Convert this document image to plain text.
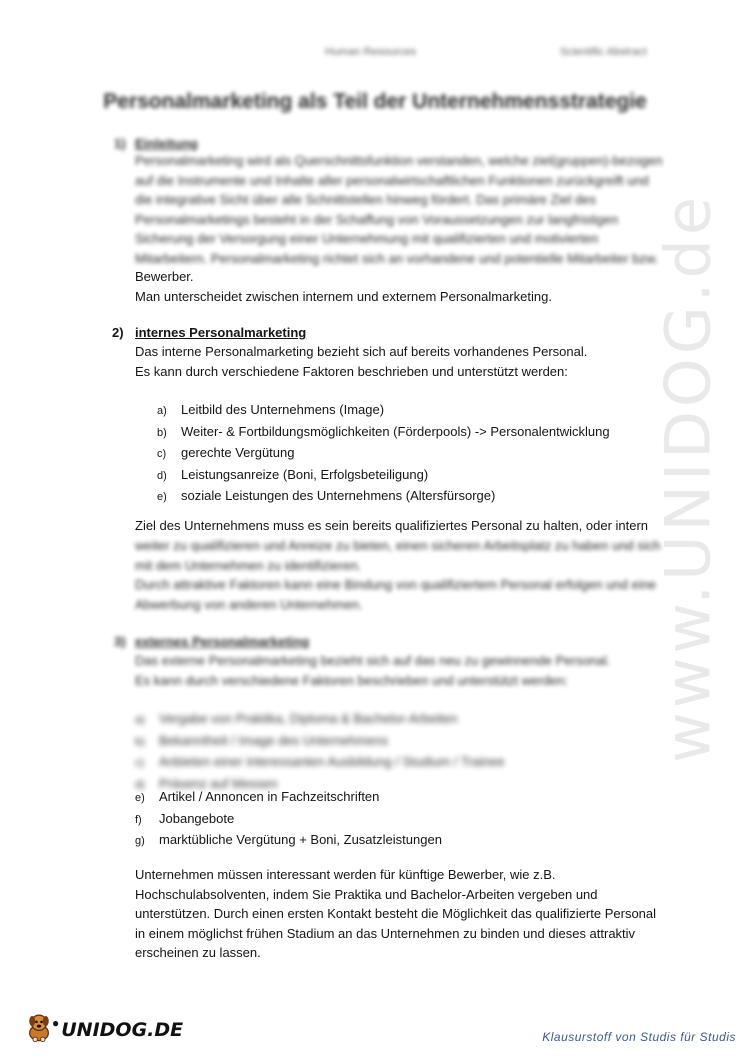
www.UNIDOG.de
Human Resources	Scientific Abstract
Personalmarketing als Teil der Unternehmensstrategie
1) Einleitung
Personalmarketing wird als Querschnittsfunktion verstanden, welche ziel(gruppen)-bezogen
auf die Instrumente und Inhalte aller personalwirtschaftlichen Funktionen zurückgreift und
die integrative Sicht über alle Schnittstellen hinweg fördert. Das primäre Ziel des
Personalmarketings besteht in der Schaffung von Voraussetzungen zur langfristigen
Sicherung der Versorgung einer Unternehmung mit qualifizierten und motivierten
Mitarbeitern. Personalmarketing richtet sich an vorhandene und potentielle Mitarbeiter bzw.
Bewerber.
Man unterscheidet zwischen internem und externem Personalmarketing.
2) internes Personalmarketing
Das interne Personalmarketing bezieht sich auf bereits vorhandenes Personal.
Es kann durch verschiedene Faktoren beschrieben und unterstützt werden:
a) Leitbild des Unternehmens (Image)
b) Weiter- & Fortbildungsmöglichkeiten (Förderpools) -> Personalentwicklung
c) gerechte Vergütung
d) Leistungsanreize (Boni, Erfolgsbeteiligung)
e) soziale Leistungen des Unternehmens (Altersfürsorge)
Ziel des Unternehmens muss es sein bereits qualifiziertes Personal zu halten, oder intern
weiter zu qualifizieren und Anreize zu bieten, einen sicheren Arbeitsplatz zu haben und sich
mit dem Unternehmen zu identifizieren.
Durch attraktive Faktoren kann eine Bindung von qualifiziertem Personal erfolgen und eine
Abwerbung von anderen Unternehmen.
3) externes Personalmarketing
Das externe Personalmarketing bezieht sich auf das neu zu gewinnende Personal.
Es kann durch verschiedene Faktoren beschrieben und unterstützt werden:
a) Vergabe von Praktika, Diploma & Bachelor-Arbeiten
b) Bekanntheit / Image des Unternehmens
c) Anbieten einer interessanten Ausbildung / Studium / Trainee
d) Präsenz auf Messen
e) Artikel / Annoncen in Fachzeitschriften
f) Jobangebote
g) marktübliche Vergütung + Boni, Zusatzleistungen
Unternehmen müssen interessant werden für künftige Bewerber, wie z.B.
Hochschulabsolventen, indem Sie Praktika und Bachelor-Arbeiten vergeben und
unterstützen. Durch einen ersten Kontakt besteht die Möglichkeit das qualifizierte Personal
in einem möglichst frühen Stadium an das Unternehmen zu binden und dieses attraktiv
erscheinen zu lassen.
● UNIDOG.DE	Klausurstoff von Studis für Studis
